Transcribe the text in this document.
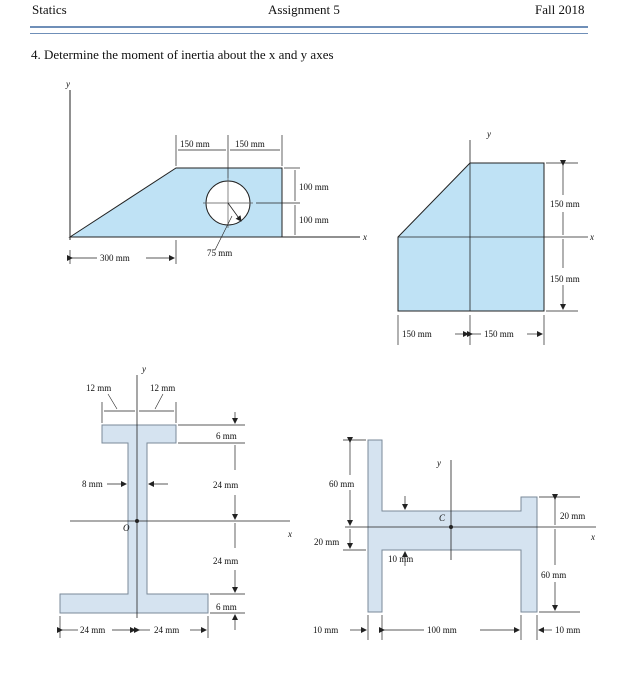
Statics	Assignment 5	Fall 2018
4. Determine the moment of inertia about the x and y axes
y
x
150 mm	150 mm
100 mm
100 mm
300 mm	75 mm
y
x
150 mm
150 mm
150 mm	150 mm
y
x
O
12 mm	12 mm
8 mm
6 mm
24 mm
24 mm
6 mm
24 mm	24 mm
y
x
C
60 mm
20 mm
10 mm
20 mm
60 mm
10 mm	100 mm	10 mm
